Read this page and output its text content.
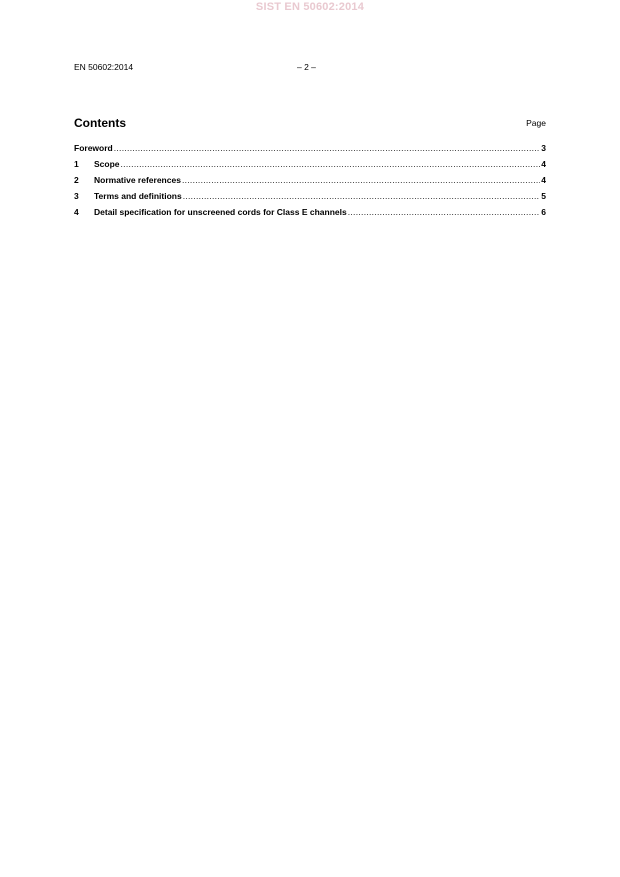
SIST EN 50602:2014
EN 50602:2014	– 2 –
Contents	Page
Foreword .....	3
1	Scope .....	4
2	Normative references .....	4
3	Terms and definitions .....	5
4	Detail specification for unscreened cords for Class E channels .....	6
